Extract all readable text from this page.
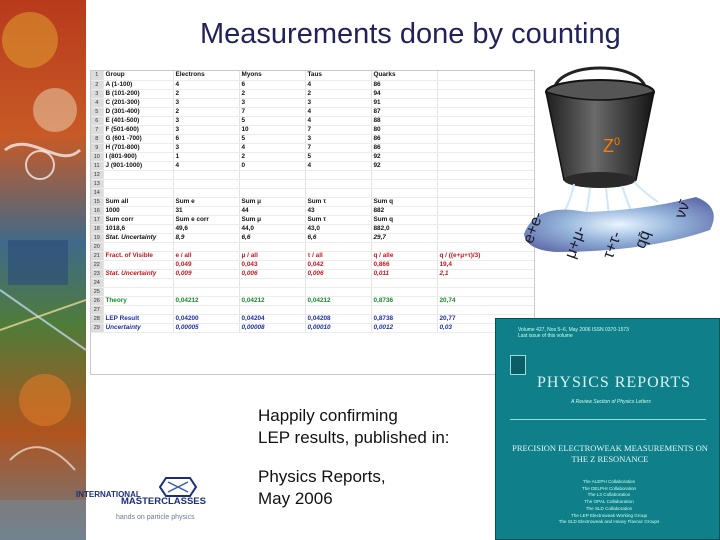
Measurements done by counting
1	Group	Electrons	Myons	Taus	Quarks	
2	A (1-100)	4	6	4	86	
3	B (101-200)	2	2	2	94	
4	C (201-300)	3	3	3	91	
5	D (301-400)	2	7	4	87	
6	E (401-500)	3	5	4	88	
7	F (501-600)	3	10	7	80	
8	G (601 -700)	6	5	3	86	
9	H (701-800)	3	4	7	86	
10	I (801-900)	1	2	5	92	
11	J (901-1000)	4	0	4	92	
12						
13						
14						
15	Sum all	Sum e	Sum μ	Sum τ	Sum q	
16	1000	31	44	43	882	
17	Sum corr	Sum e corr	Sum μ	Sum τ	Sum q	
18	1018,6	49,6	44,0	43,0	882,0	
19	Stat. Uncertainty	8,9	6,6	6,6	29,7	
20						
21	Fract. of Visible	e / all	μ / all	τ / all	q / alle	q / ((e+μ+τ)/3)
22		0,049	0,043	0,042	0,866	19,4
23	Stat. Uncertainty	0,009	0,006	0,006	0,011	2,1
24						
25						
26	Theory	0,04212	0,04212	0,04212	0,8736	20,74
27						
28	LEP Result	0,04200	0,04204	0,04208	0,8738	20,77
29	Uncertainty	0,00005	0,00008	0,00010	0,0012	0,03
$Z^0$
e+e- μ+μ- τ+τ- qq̄
νν̄
Volume 427, Nos 5–6, May 2006 ISSN 0370-1573
Last issue of this volume
PHYSICS REPORTS
A Review Section of Physics Letters
PRECISION ELECTROWEAK MEASUREMENTS ON THE Z RESONANCE
The ALEPH Collaboration
The DELPHI Collaboration
The L3 Collaboration
The OPAL Collaboration
The SLD Collaboration
The LEP Electroweak Working Group
The SLD Electroweak and Heavy Flavour Groups
Happily confirming
LEP results, published in:
Physics Reports,
May 2006
INTERNATIONAL
MASTERCLASSES
hands on particle physics
